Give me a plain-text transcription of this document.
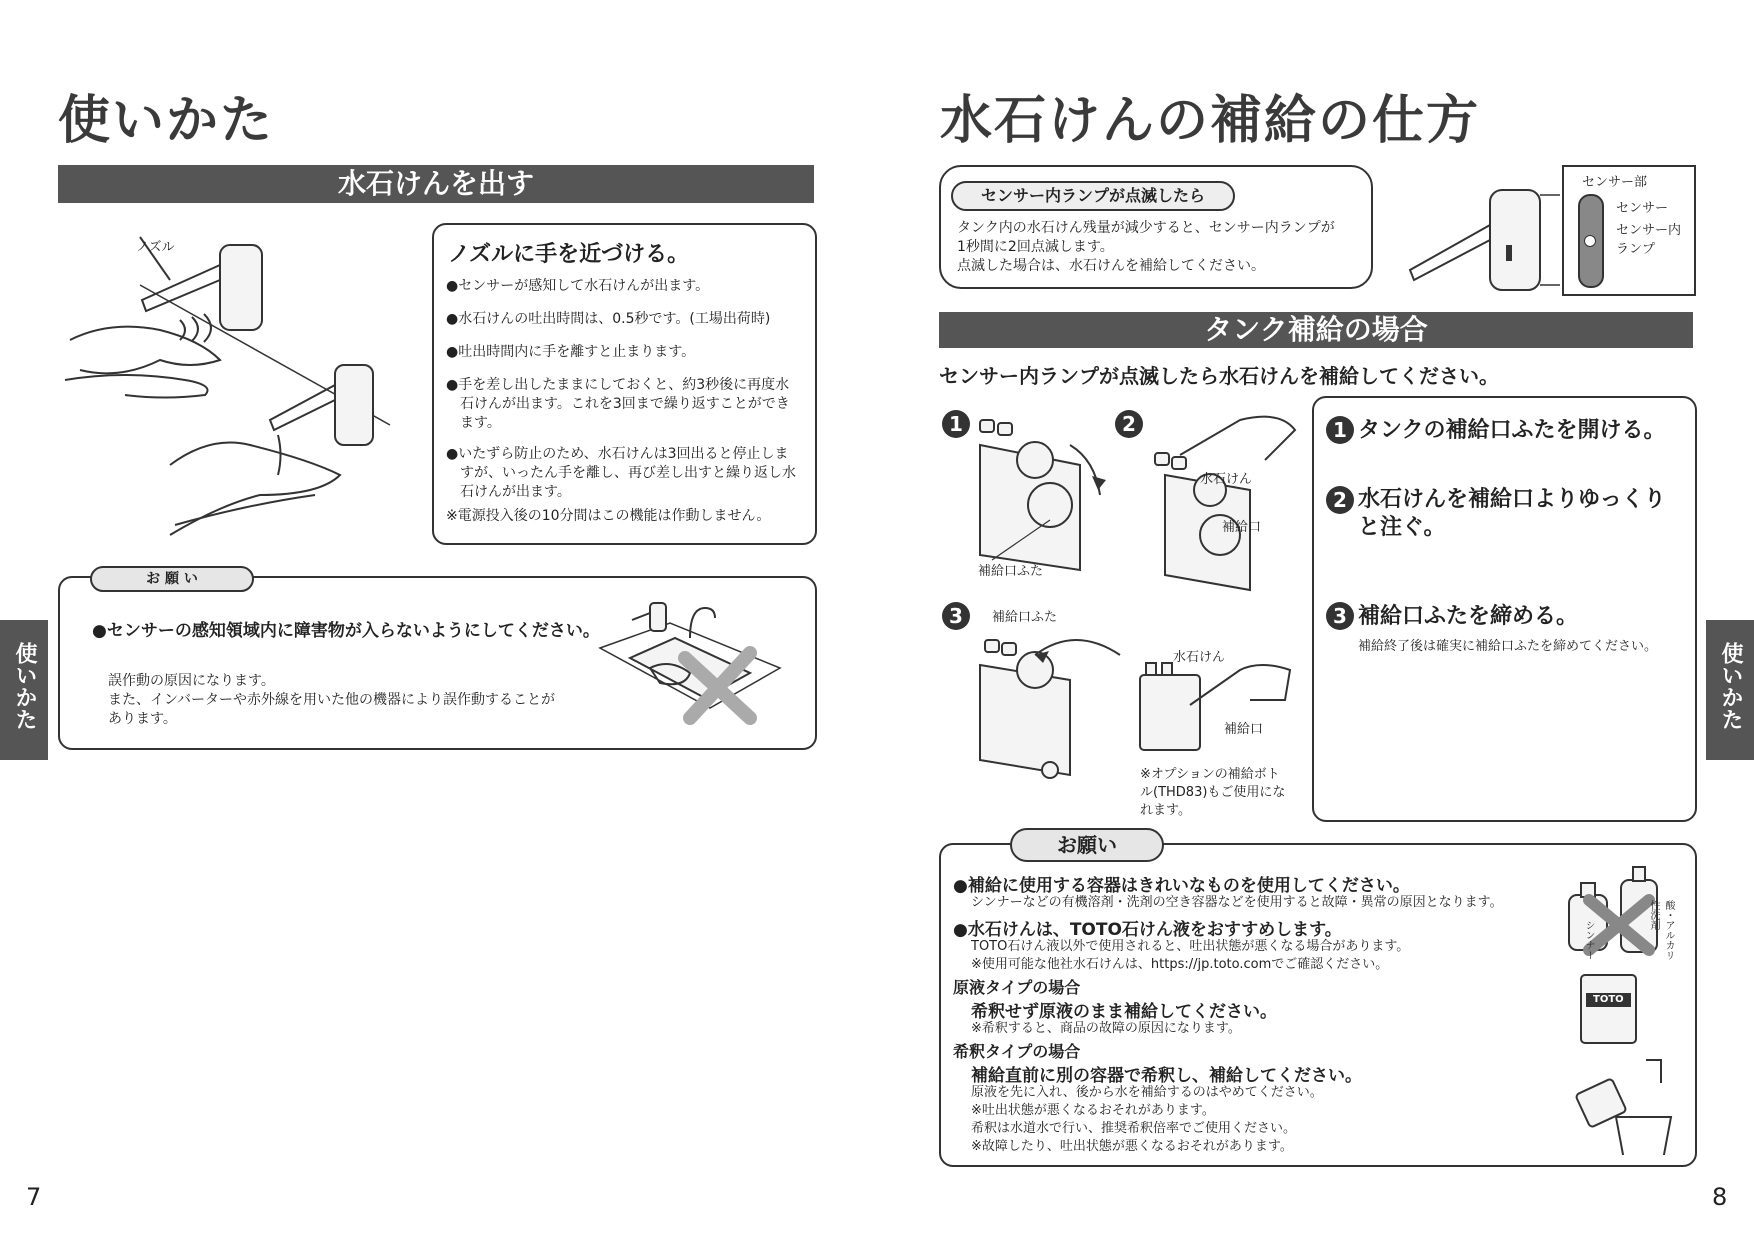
使いかた
水石けんを出す
ノズル	ノズルに手を近づける。
●センサーが感知して水石けんが出ます。
●水石けんの吐出時間は、0.5秒です。(工場出荷時)
●吐出時間内に手を離すと止まります。
●手を差し出したままにしておくと、約3秒後に再度水石けんが出ます。これを3回まで繰り返すことができます。
●いたずら防止のため、水石けんは3回出ると停止しますが、いったん手を離し、再び差し出すと繰り返し水石けんが出ます。
※電源投入後の10分間はこの機能は作動しません。
●センサーの感知領域内に障害物が入らないようにしてください。
誤作動の原因になります。
また、インバーターや赤外線を用いた他の機器により誤作動することがあります。
お 願 い
使いかた
7
水石けんの補給の仕方
センサー内ランプが点滅したら
タンク内の水石けん残量が減少すると、センサー内ランプが
1秒間に2回点滅します。
点滅した場合は、水石けんを補給してください。
センサー部
センサー
センサー内ランプ
タンク補給の場合
センサー内ランプが点滅したら水石けんを補給してください。
1	2
3
補給口ふた
水石けん
補給口
補給口ふた
水石けん
補給口
※オプションの補給ボトル(THD83)もご使用になれます。
1 タンクの補給口ふたを開ける。
2 水石けんを補給口よりゆっくりと注ぐ。
3 補給口ふたを締める。
補給終了後は確実に補給口ふたを締めてください。
●補給に使用する容器はきれいなものを使用してください。
シンナーなどの有機溶剤・洗剤の空き容器などを使用すると故障・異常の原因となります。
●水石けんは、TOTO石けん液をおすすめします。
TOTO石けん液以外で使用されると、吐出状態が悪くなる場合があります。
※使用可能な他社水石けんは、https://jp.toto.comでご確認ください。
原液タイプの場合
希釈せず原液のまま補給してください。
※希釈すると、商品の故障の原因になります。
希釈タイプの場合
補給直前に別の容器で希釈し、補給してください。
原液を先に入れ、後から水を補給するのはやめてください。
※吐出状態が悪くなるおそれがあります。
希釈は水道水で行い、推奨希釈倍率でご使用ください。
※故障したり、吐出状態が悪くなるおそれがあります。
シンナー	酸・アルカリ性洗剤
TOTO
お願い
使いかた
8
